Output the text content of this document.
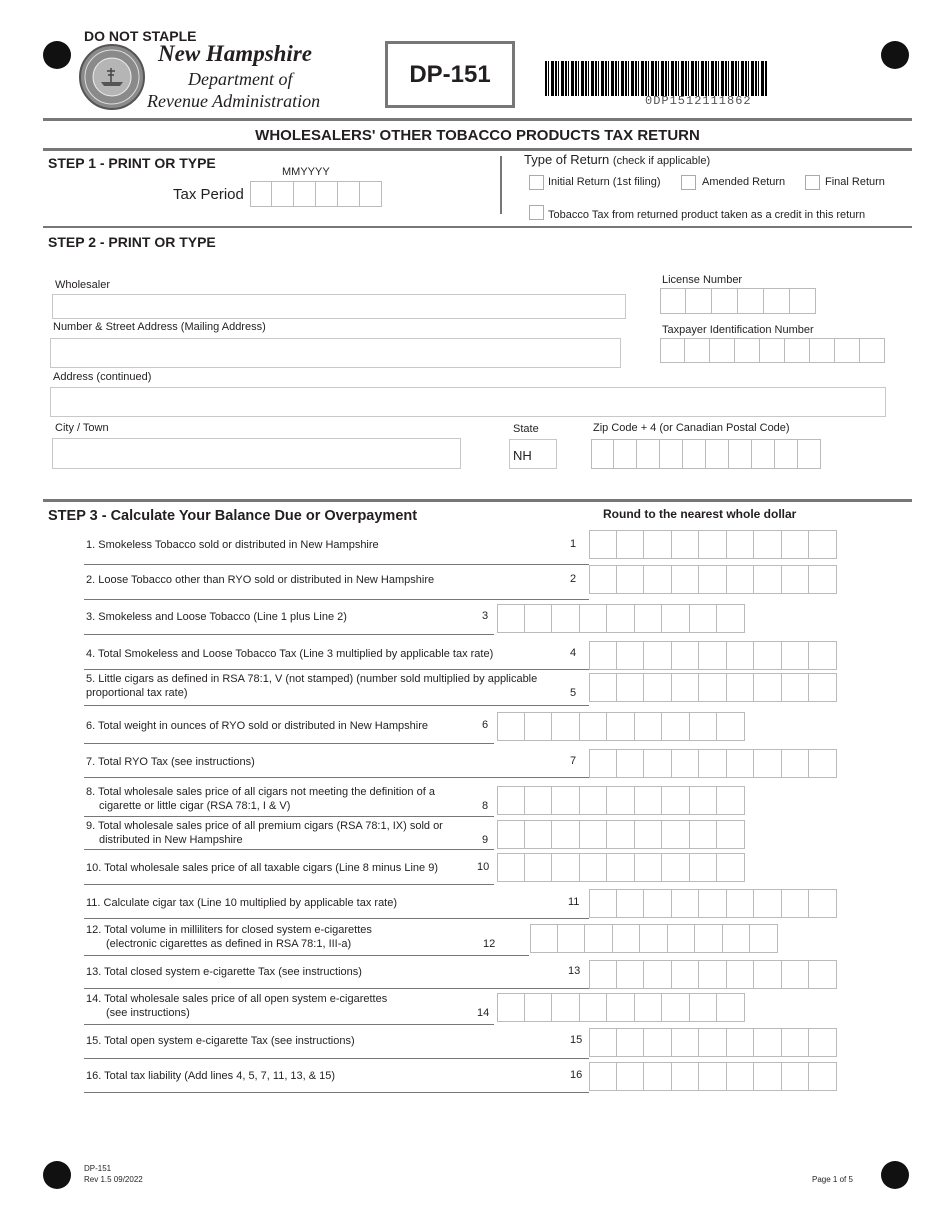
DO NOT STAPLE
New Hampshire
Department of
Revenue Administration
DP-151
0DP1512111862
WHOLESALERS' OTHER TOBACCO PRODUCTS TAX RETURN
STEP 1 - PRINT OR TYPE
MMYYYY
Tax Period
Type of Return (check if applicable)
Initial Return (1st filing)	Amended Return	Final Return
Tobacco Tax from returned product taken as a credit in this return
STEP 2 - PRINT OR TYPE
Wholesaler
Number & Street Address (Mailing Address)
Address (continued)
City / Town	State
NH
Zip Code + 4 (or Canadian Postal Code)
License Number
Taxpayer Identification Number
STEP 3 - Calculate Your Balance Due or Overpayment	Round to the nearest whole dollar
1. Smokeless Tobacco sold or distributed in New Hampshire	1
2. Loose Tobacco other than RYO sold or distributed in New Hampshire	2
3. Smokeless and Loose Tobacco (Line 1 plus Line 2)	3
4. Total Smokeless and Loose Tobacco Tax (Line 3 multiplied by applicable tax rate)	4
5. Little cigars as defined in RSA 78:1, V (not stamped) (number sold multiplied by applicable
proportional tax rate)	5
6. Total weight in ounces of RYO sold or distributed in New Hampshire	6
7. Total RYO Tax (see instructions)	7
8. Total wholesale sales price of all cigars not meeting the definition of a
cigarette or little cigar (RSA 78:1, I & V)	8
9. Total wholesale sales price of all premium cigars (RSA 78:1, IX) sold or
distributed in New Hampshire	9
10. Total wholesale sales price of all taxable cigars (Line 8 minus Line 9)	10
11. Calculate cigar tax (Line 10 multiplied by applicable tax rate)	11
12. Total volume in milliliters for closed system e-cigarettes
(electronic cigarettes as defined in RSA 78:1, III-a)	12
13. Total closed system e-cigarette Tax (see instructions)	13
14. Total wholesale sales price of all open system e-cigarettes
(see instructions)	14
15. Total open system e-cigarette Tax (see instructions)	15
16. Total tax liability (Add lines 4, 5, 7, 11, 13, & 15)	16
DP-151
Rev 1.5 09/2022	Page 1 of 5
